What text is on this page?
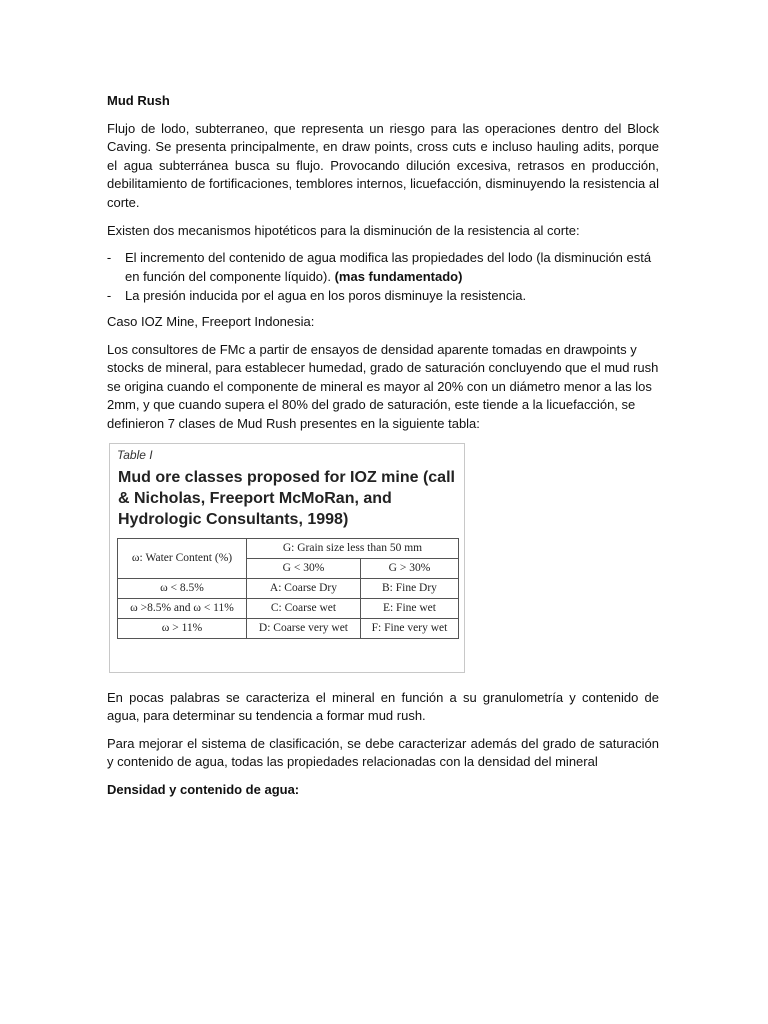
Mud Rush

Flujo de lodo, subterraneo, que representa un riesgo para las operaciones dentro del Block Caving. Se presenta principalmente, en draw points, cross cuts e incluso hauling adits, porque el agua subterránea busca su flujo. Provocando dilución excesiva, retrasos en producción, debilitamiento de fortificaciones, temblores internos, licuefacción, disminuyendo la resistencia al corte.

Existen dos mecanismos hipotéticos para la disminución de la resistencia al corte:

- El incremento del contenido de agua modifica las propiedades del lodo (la disminución está en función del componente líquido). (mas fundamentado)
- La presión inducida por el agua en los poros disminuye la resistencia.

Caso IOZ Mine, Freeport Indonesia:

Los consultores de FMc a partir de ensayos de densidad aparente tomadas en drawpoints y stocks de mineral, para establecer humedad, grado de saturación concluyendo que el mud rush se origina cuando el componente de mineral es mayor al 20% con un diámetro menor a las los 2mm, y que cuando supera el 80% del grado de saturación, este tiende a la licuefacción, se definieron 7 clases de Mud Rush presentes en la siguiente tabla:

Table I
Mud ore classes proposed for IOZ mine (call & Nicholas, Freeport McMoRan, and Hydrologic Consultants, 1998)
ω: Water Content (%)	G: Grain size less than 50 mm	
	G < 30%	G > 30%
ω < 8.5%	A: Coarse Dry	B: Fine Dry
ω >8.5% and ω < 11%	C: Coarse wet	E: Fine wet
ω > 11%	D: Coarse very wet	F: Fine very wet

En pocas palabras se caracteriza el mineral en función a su granulometría y contenido de agua, para determinar su tendencia a formar mud rush.

Para mejorar el sistema de clasificación, se debe caracterizar además del grado de saturación y contenido de agua, todas las propiedades relacionadas con la densidad del mineral

Densidad y contenido de agua:
